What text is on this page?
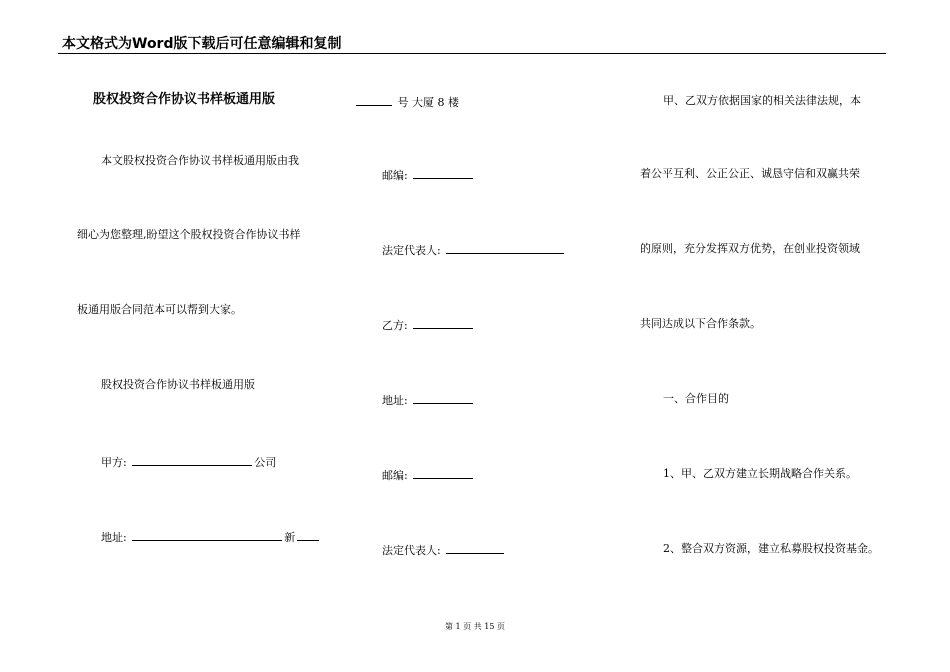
本文格式为Word版下载后可任意编辑和复制
股权投资合作协议书样板通用版
本文股权投资合作协议书样板通用版由我
细心为您整理,盼望这个股权投资合作协议书样
板通用版合同范本可以帮到大家。
股权投资合作协议书样板通用版
甲方:	公司
地址:	新
号 大厦 8 楼
邮编:
法定代表人:
乙方:
地址:
邮编:
法定代表人:
甲、乙双方依据国家的相关法律法规，本
着公平互利、公正公正、诚恳守信和双赢共荣
的原则，充分发挥双方优势，在创业投资领域
共同达成以下合作条款。
一、合作目的
1、甲、乙双方建立长期战略合作关系。
2、整合双方资源，建立私募股权投资基金。
第 1 页 共 15 页
